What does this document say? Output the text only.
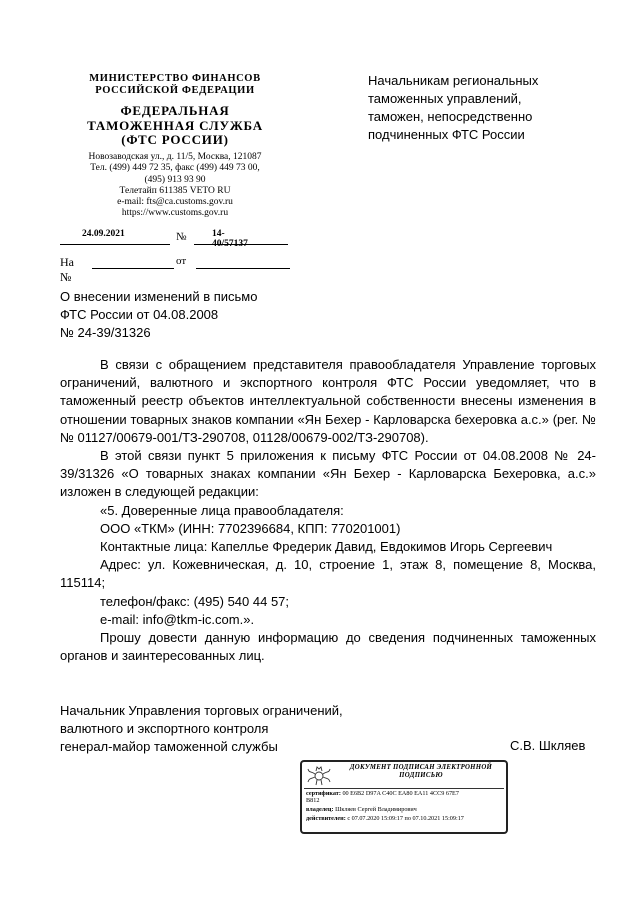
МИНИСТЕРСТВО ФИНАНСОВ
РОССИЙСКОЙ ФЕДЕРАЦИИ
ФЕДЕРАЛЬНАЯ
ТАМОЖЕННАЯ СЛУЖБА
(ФТС РОССИИ)
Новозаводская ул., д. 11/5, Москва, 121087
Тел. (499) 449 72 35, факс (499) 449 73 00,
(495) 913 93 90
Телетайп 611385 VETO RU
e-mail: fts@ca.customs.gov.ru
https://www.customs.gov.ru
24.09.2021	№	14-40/57137
На №
от
Начальникам региональных
таможенных управлений,
таможен, непосредственно
подчиненных ФТС России
О внесении изменений в письмо
ФТС России от 04.08.2008
№ 24-39/31326

В связи с обращением представителя правообладателя Управление торговых ограничений, валютного и экспортного контроля ФТС России уведомляет, что в таможенный реестр объектов интеллектуальной собственности внесены изменения в отношении товарных знаков компании «Ян Бехер - Карловарска бехеровка а.с.» (рег. №№ 01127/00679-001/ТЗ-290708, 01128/00679-002/ТЗ-290708).

В этой связи пункт 5 приложения к письму ФТС России от 04.08.2008 № 24-39/31326 «О товарных знаках компании «Ян Бехер - Карловарска Бехеровка, а.с.» изложен в следующей редакции:

«5. Доверенные лица правообладателя:

ООО «ТКМ» (ИНН: 7702396684, КПП: 770201001)

Контактные лица: Капеллье Фредерик Давид, Евдокимов Игорь Сергеевич

Адрес: ул. Кожевническая, д. 10, строение 1, этаж 8, помещение 8, Москва, 115114;

телефон/факс: (495) 540 44 57;

e-mail: info@tkm-ic.com.».

Прошу довести данную информацию до сведения подчиненных таможенных органов и заинтересованных лиц.

Начальник Управления торговых ограничений,
валютного и экспортного контроля
генерал-майор таможенной службы	С.В. Шкляев
ДОКУМЕНТ ПОДПИСАН ЭЛЕКТРОННОЙ
ПОДПИСЬЮ
сертификат: 00 E6B2 D97A C40C EA80 EA11 4CC9 67E7
B812
владелец: Шкляев Сергей Владимирович
действителен: с 07.07.2020 15:09:17 по 07.10.2021 15:09:17
